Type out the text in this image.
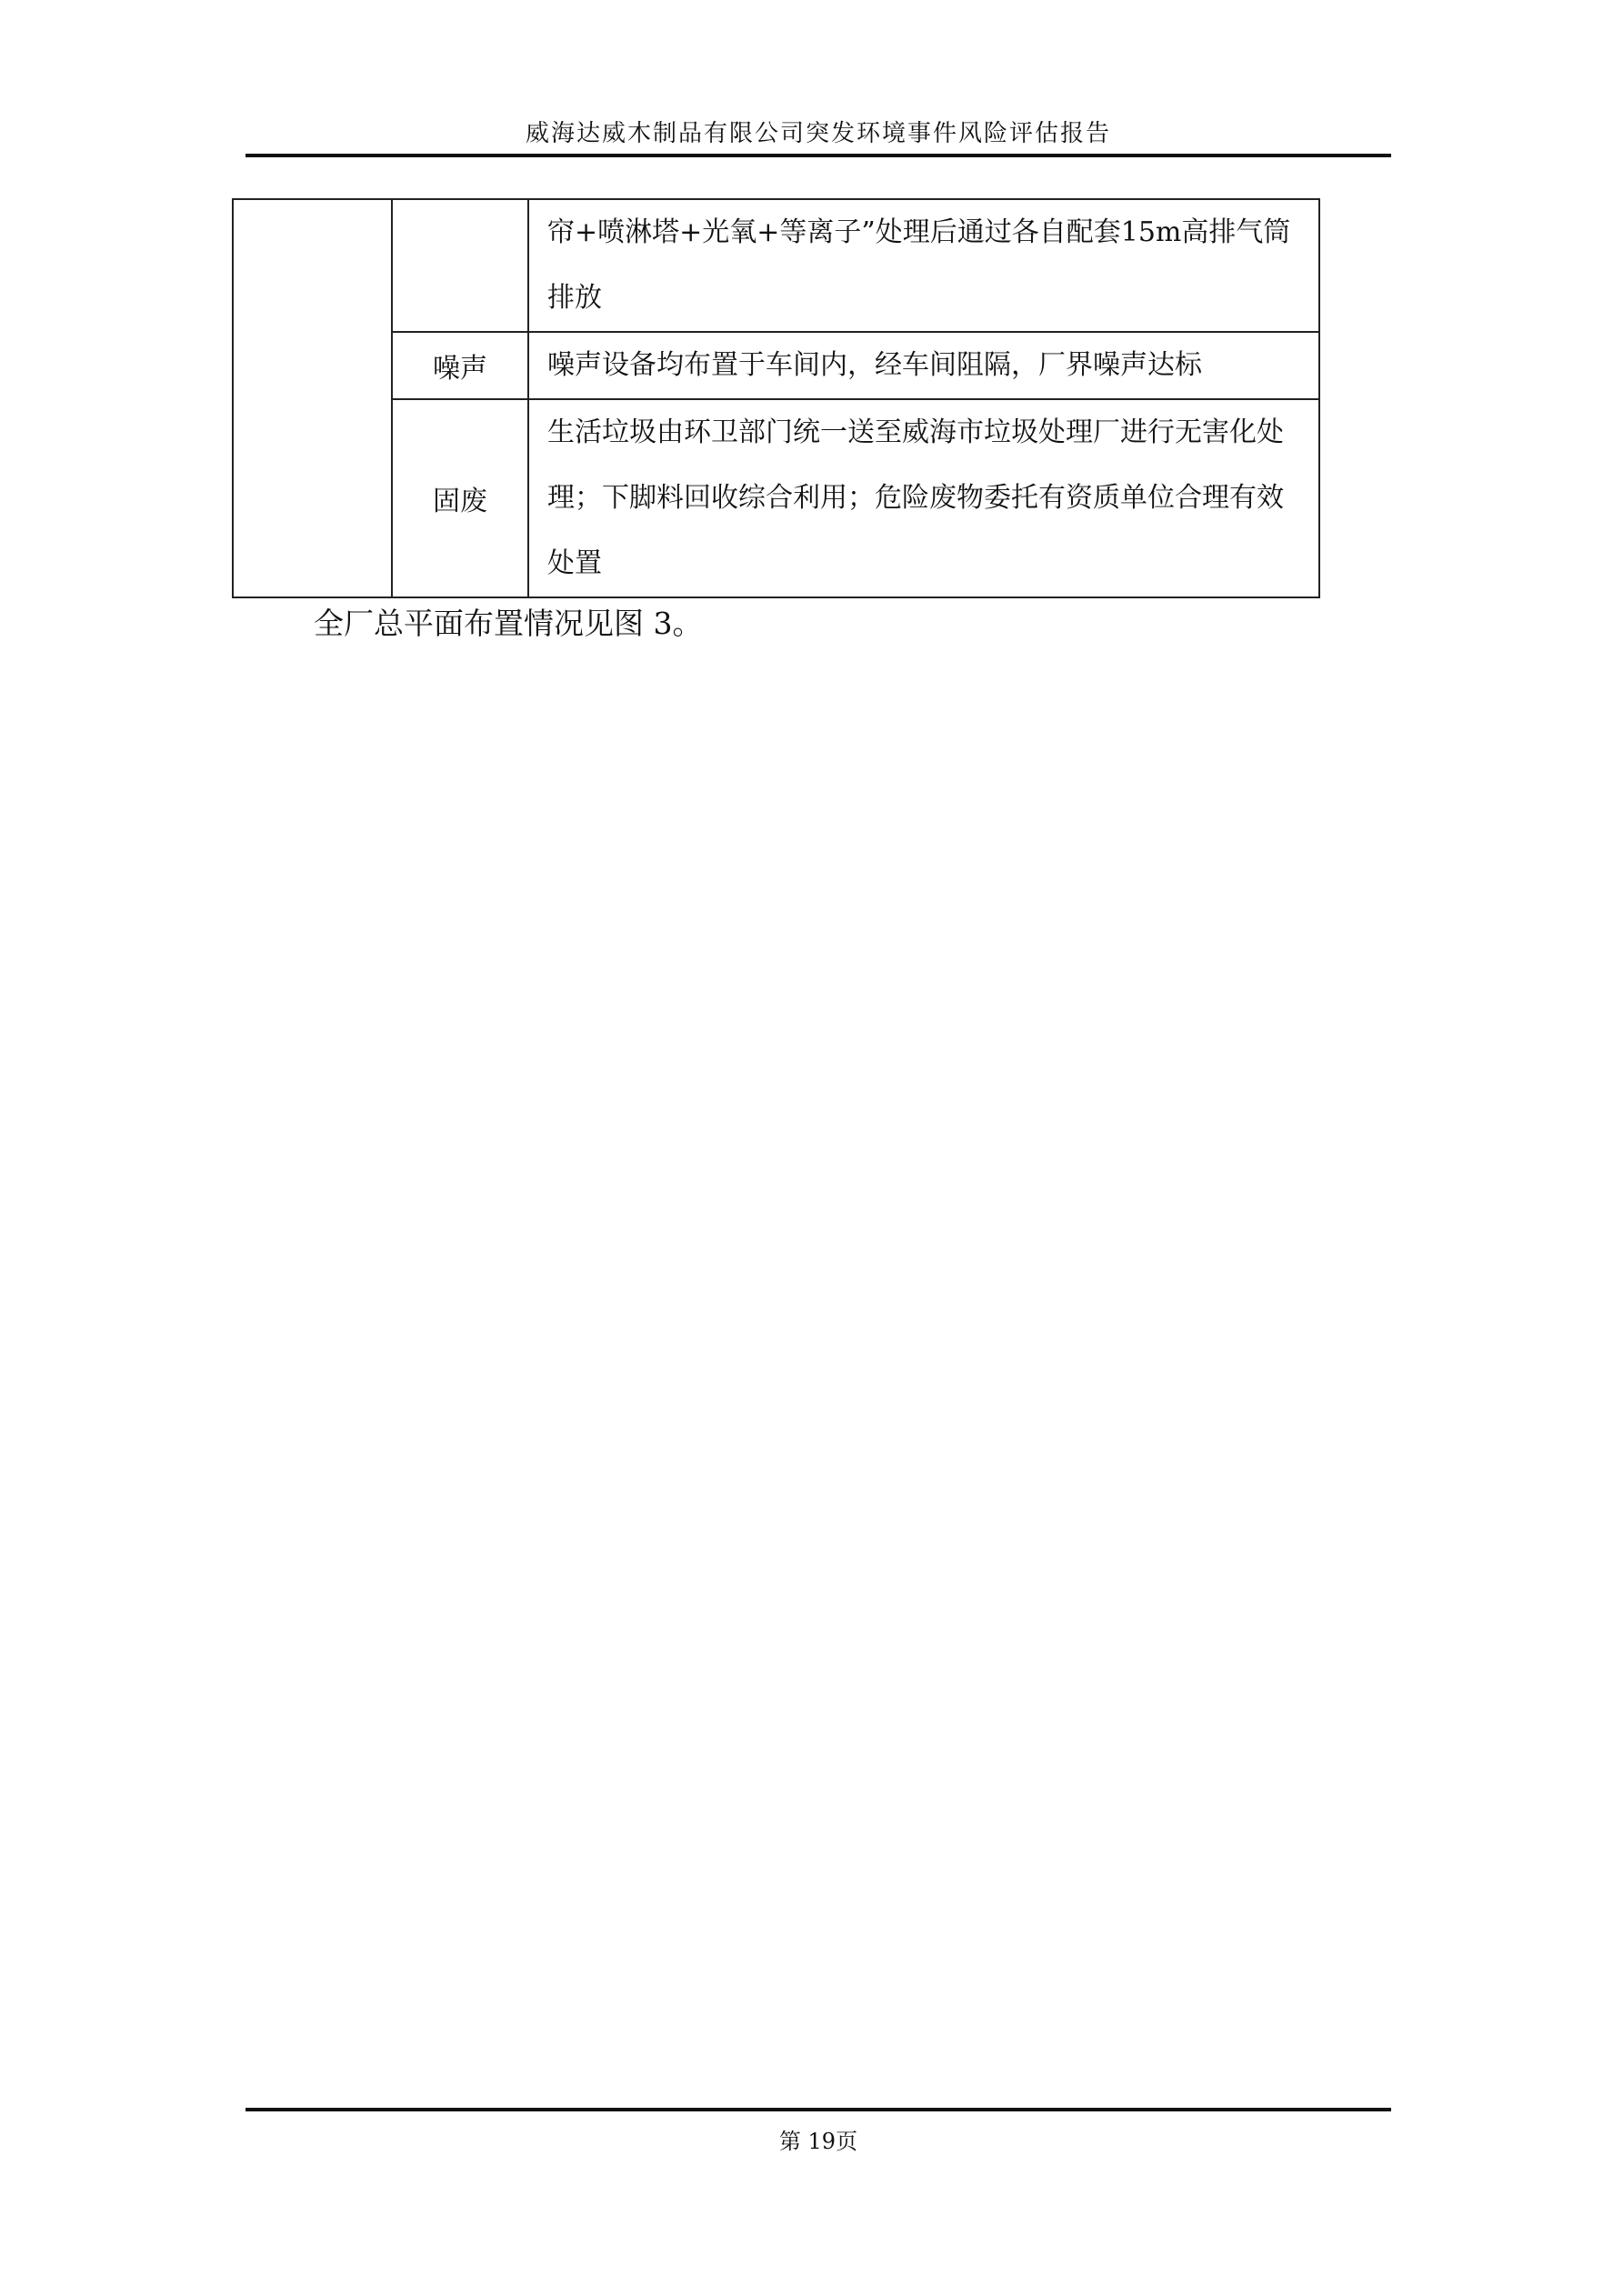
威海达威木制品有限公司突发环境事件风险评估报告
		帘+喷淋塔+光氧+等离子”处理后通过各自配套15m高排气筒排放
	噪声	噪声设备均布置于车间内，经车间阻隔，厂界噪声达标
	固废	生活垃圾由环卫部门统一送至威海市垃圾处理厂进行无害化处理；下脚料回收综合利用；危险废物委托有资质单位合理有效处置
全厂总平面布置情况见图 3。
第 19页
